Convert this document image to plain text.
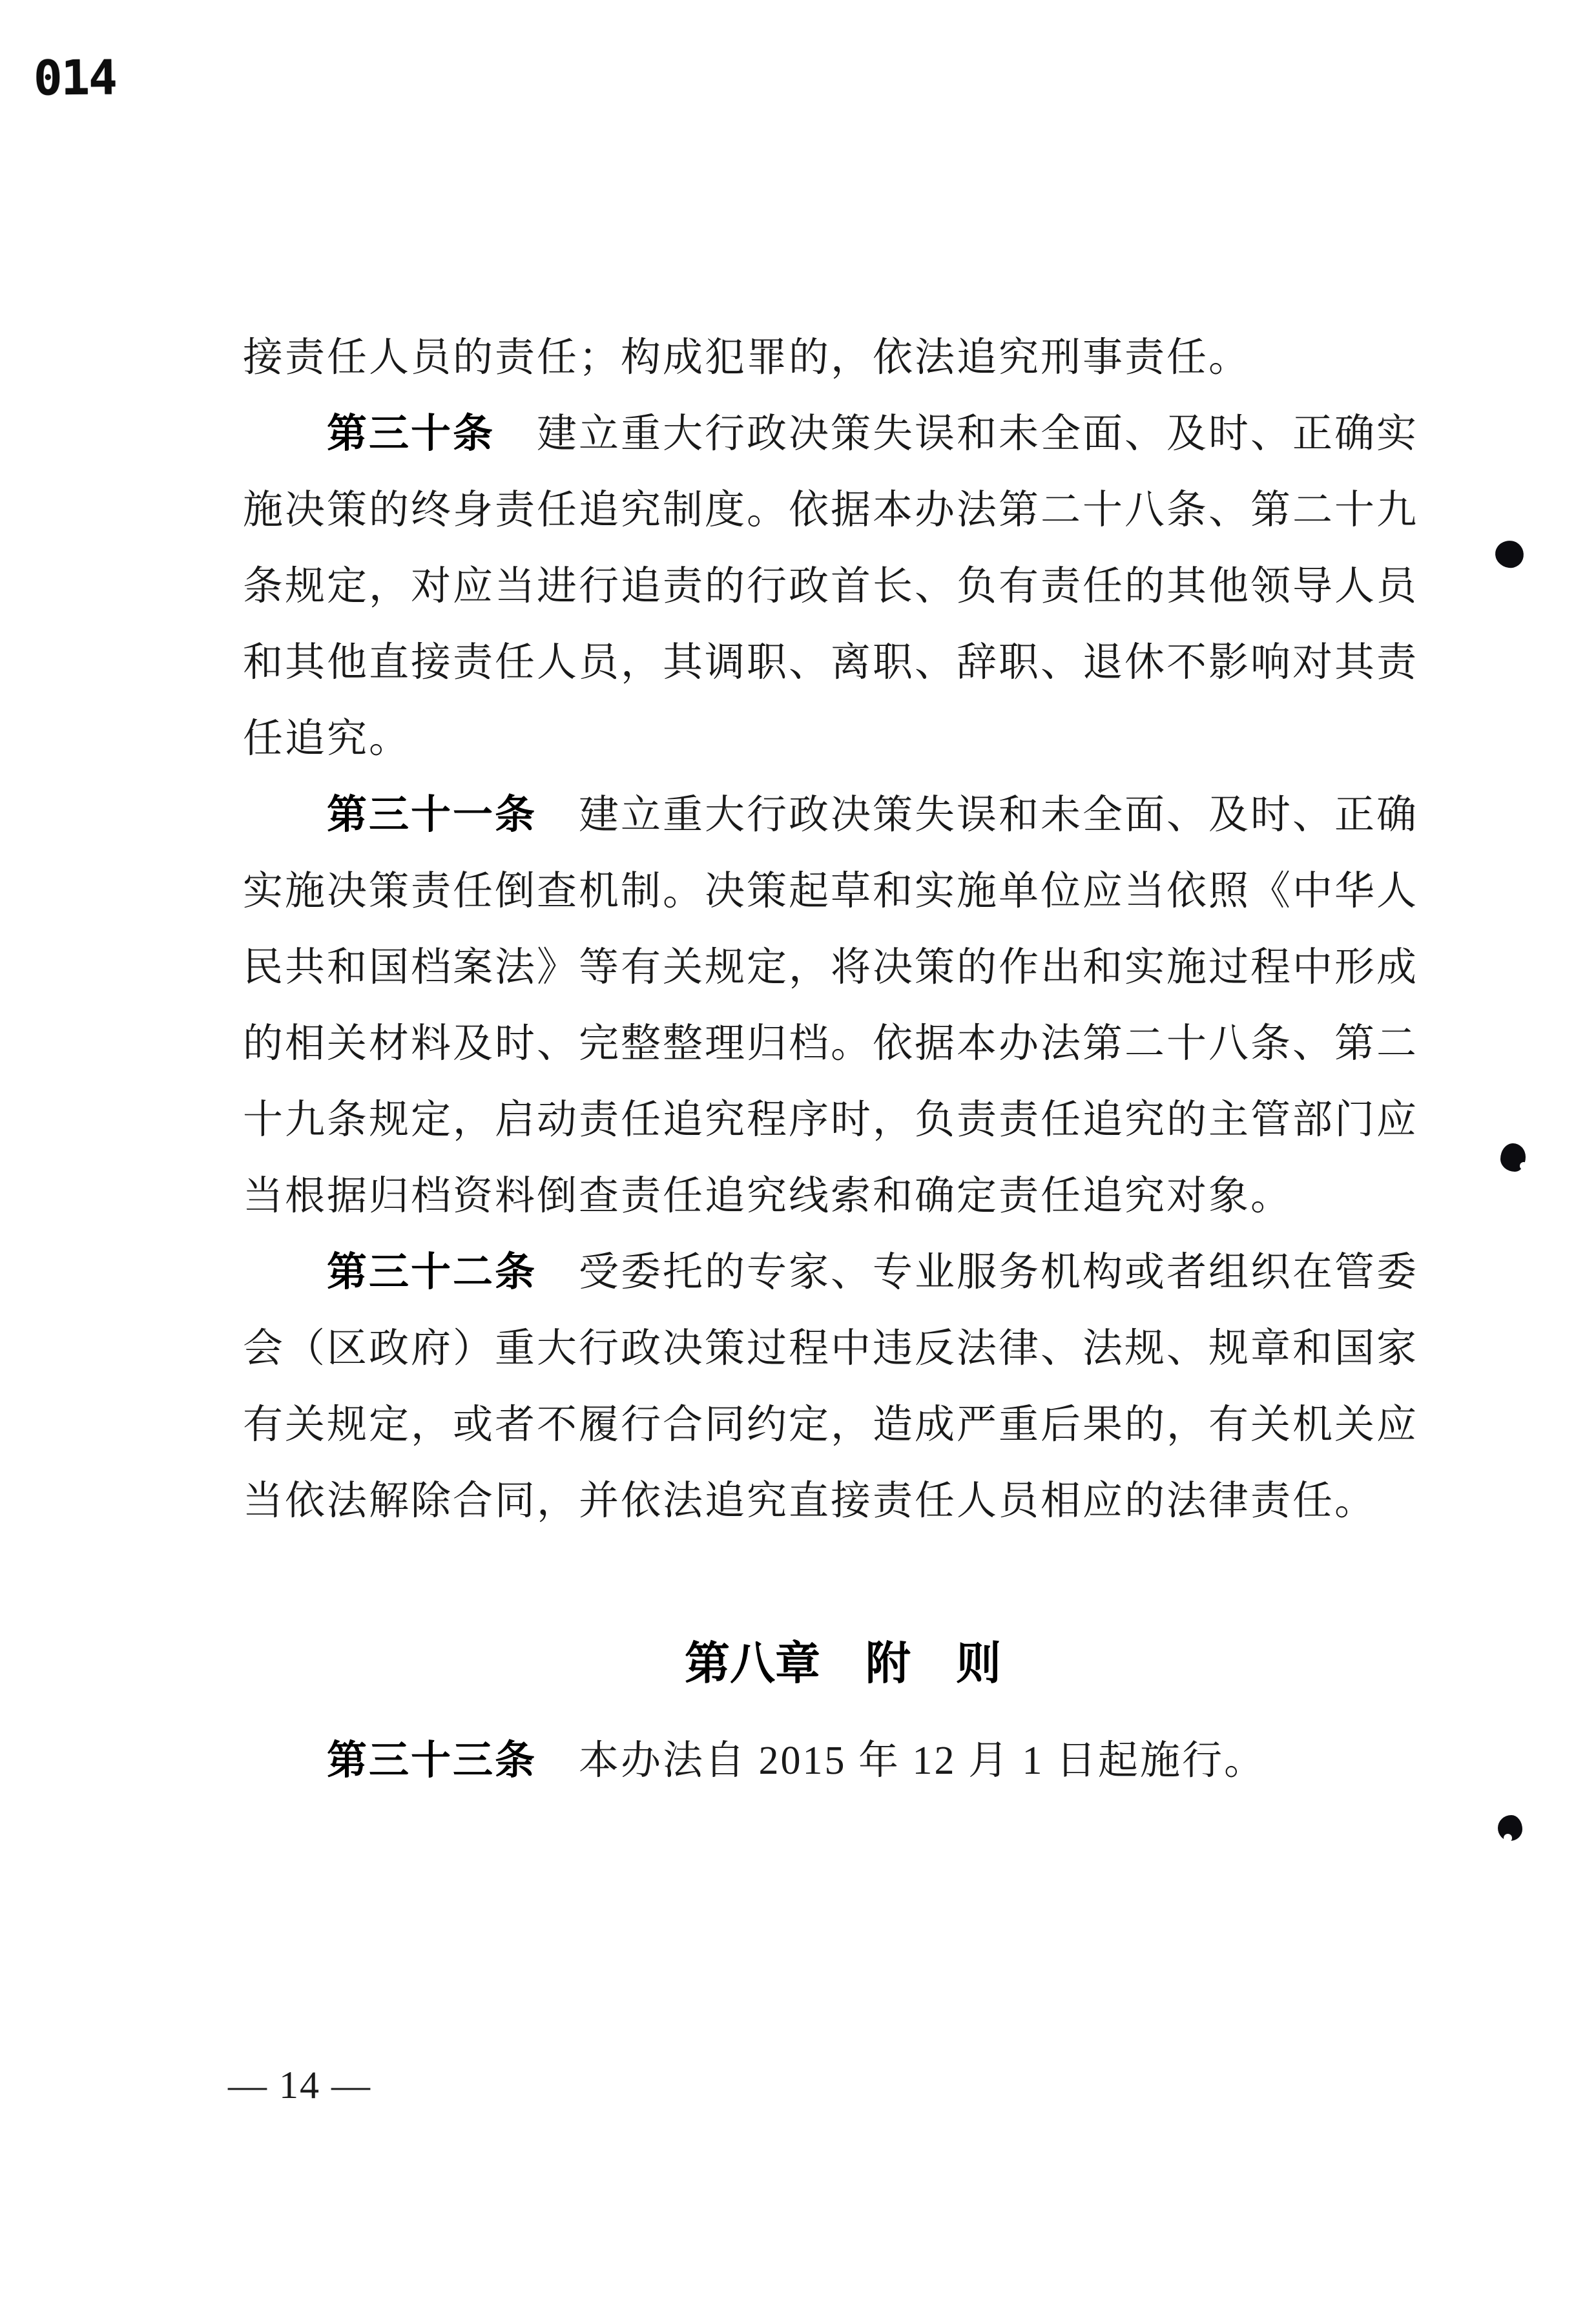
014
接责任人员的责任；构成犯罪的，依法追究刑事责任。
第三十条　建立重大行政决策失误和未全面、及时、正确实
施决策的终身责任追究制度。依据本办法第二十八条、第二十九
条规定，对应当进行追责的行政首长、负有责任的其他领导人员
和其他直接责任人员，其调职、离职、辞职、退休不影响对其责
任追究。
第三十一条　建立重大行政决策失误和未全面、及时、正确
实施决策责任倒查机制。决策起草和实施单位应当依照《中华人
民共和国档案法》等有关规定，将决策的作出和实施过程中形成
的相关材料及时、完整整理归档。依据本办法第二十八条、第二
十九条规定，启动责任追究程序时，负责责任追究的主管部门应
当根据归档资料倒查责任追究线索和确定责任追究对象。
第三十二条　受委托的专家、专业服务机构或者组织在管委
会（区政府）重大行政决策过程中违反法律、法规、规章和国家
有关规定，或者不履行合同约定，造成严重后果的，有关机关应
当依法解除合同，并依法追究直接责任人员相应的法律责任。
第八章　附　则
第三十三条　本办法自 2015 年 12 月 1 日起施行。
— 14 —
